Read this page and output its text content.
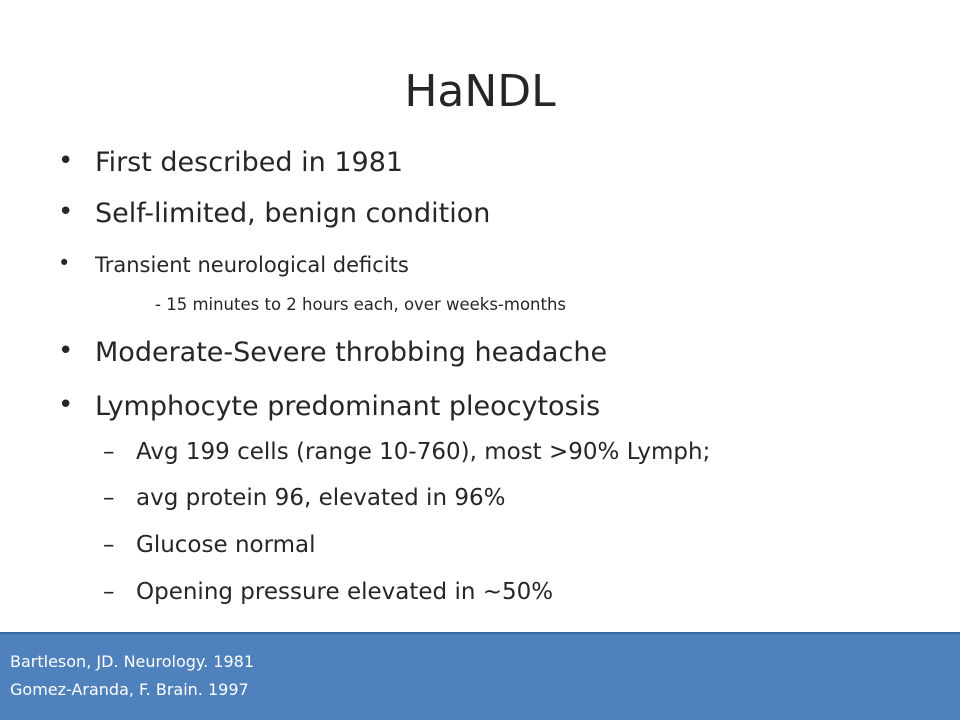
HaNDL
• First described in 1981
• Self-limited, benign condition
• Transient neurological deficits
- 15 minutes to 2 hours each, over weeks-months
• Moderate-Severe throbbing headache
• Lymphocyte predominant pleocytosis
– Avg 199 cells (range 10-760), most >90% Lymph;
– avg protein 96, elevated in 96%
– Glucose normal
– Opening pressure elevated in ~50%
Bartleson, JD. Neurology. 1981
Gomez-Aranda, F. Brain. 1997
